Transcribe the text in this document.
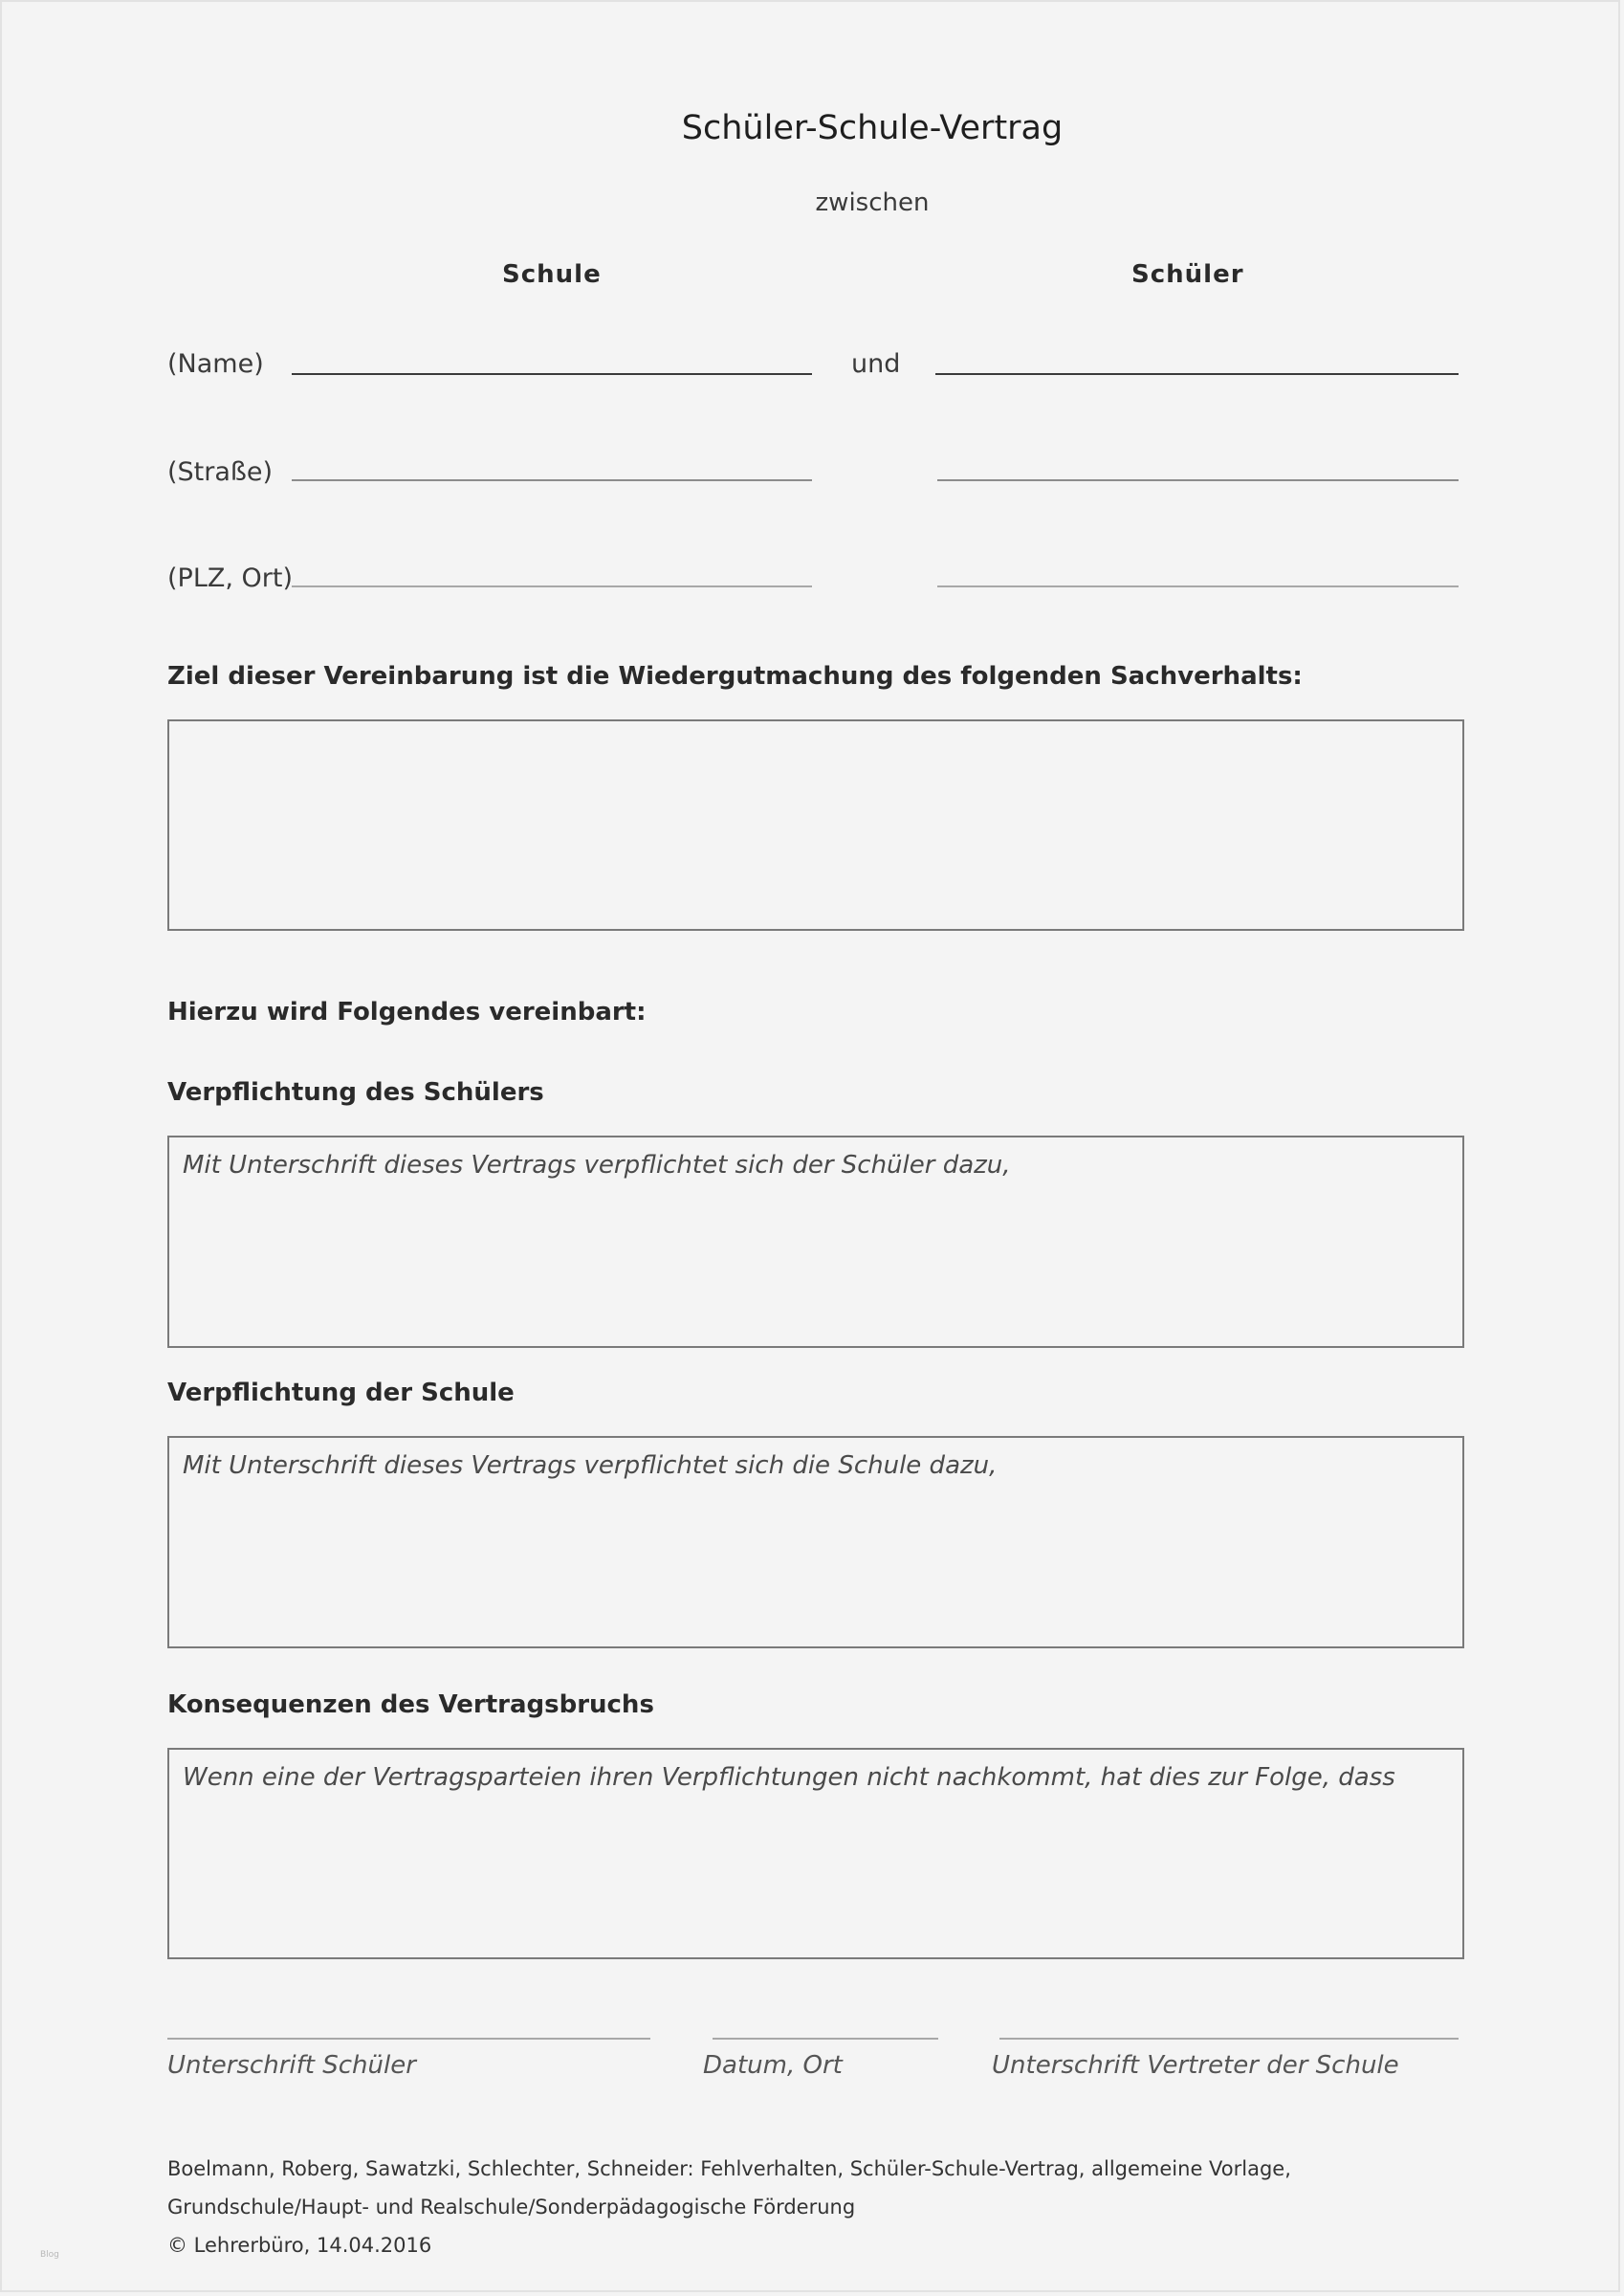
Schüler-Schule-Vertrag
zwischen
Schule	Schüler
(Name)	und
(Straße)
(PLZ, Ort)
Ziel dieser Vereinbarung ist die Wiedergutmachung des folgenden Sachverhalts:
Hierzu wird Folgendes vereinbart:
Verpflichtung des Schülers
Mit Unterschrift dieses Vertrags verpflichtet sich der Schüler dazu,
Verpflichtung der Schule
Mit Unterschrift dieses Vertrags verpflichtet sich die Schule dazu,
Konsequenzen des Vertragsbruchs
Wenn eine der Vertragsparteien ihren Verpflichtungen nicht nachkommt, hat dies zur Folge, dass
Unterschrift Schüler	Datum, Ort	Unterschrift Vertreter der Schule
Boelmann, Roberg, Sawatzki, Schlechter, Schneider: Fehlverhalten, Schüler-Schule-Vertrag, allgemeine Vorlage,
Grundschule/Haupt- und Realschule/Sonderpädagogische Förderung
© Lehrerbüro, 14.04.2016
Blog
